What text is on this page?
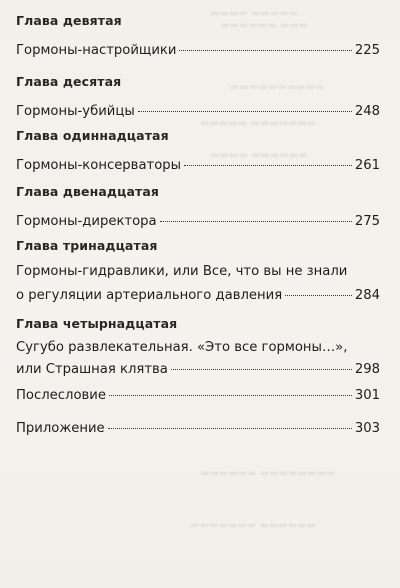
▬▬▬▬ ▬▬▬▬▬
▬▬▬▬▬▬ ▬▬▬
▬▬▬▬▬▬▬▬▬▬
▬▬▬▬▬ ▬▬▬▬▬▬▬
▬▬▬▬ ▬▬▬▬▬▬
▬▬▬▬▬▬ ▬▬▬▬▬▬▬▬
▬▬▬▬▬▬▬ ▬▬▬▬▬▬
Глава девятая
Гормоны-настройщики	225
Глава десятая
Гормоны-убийцы	248
Глава одиннадцатая
Гормоны-консерваторы	261
Глава двенадцатая
Гормоны-директора	275
Глава тринадцатая
Гормоны-гидравлики, или Все, что вы не знали
о регуляции артериального давления	284
Глава четырнадцатая
Сугубо развлекательная. «Это все гормоны…»,
или Страшная клятва	298
Послесловие	301
Приложение	303
